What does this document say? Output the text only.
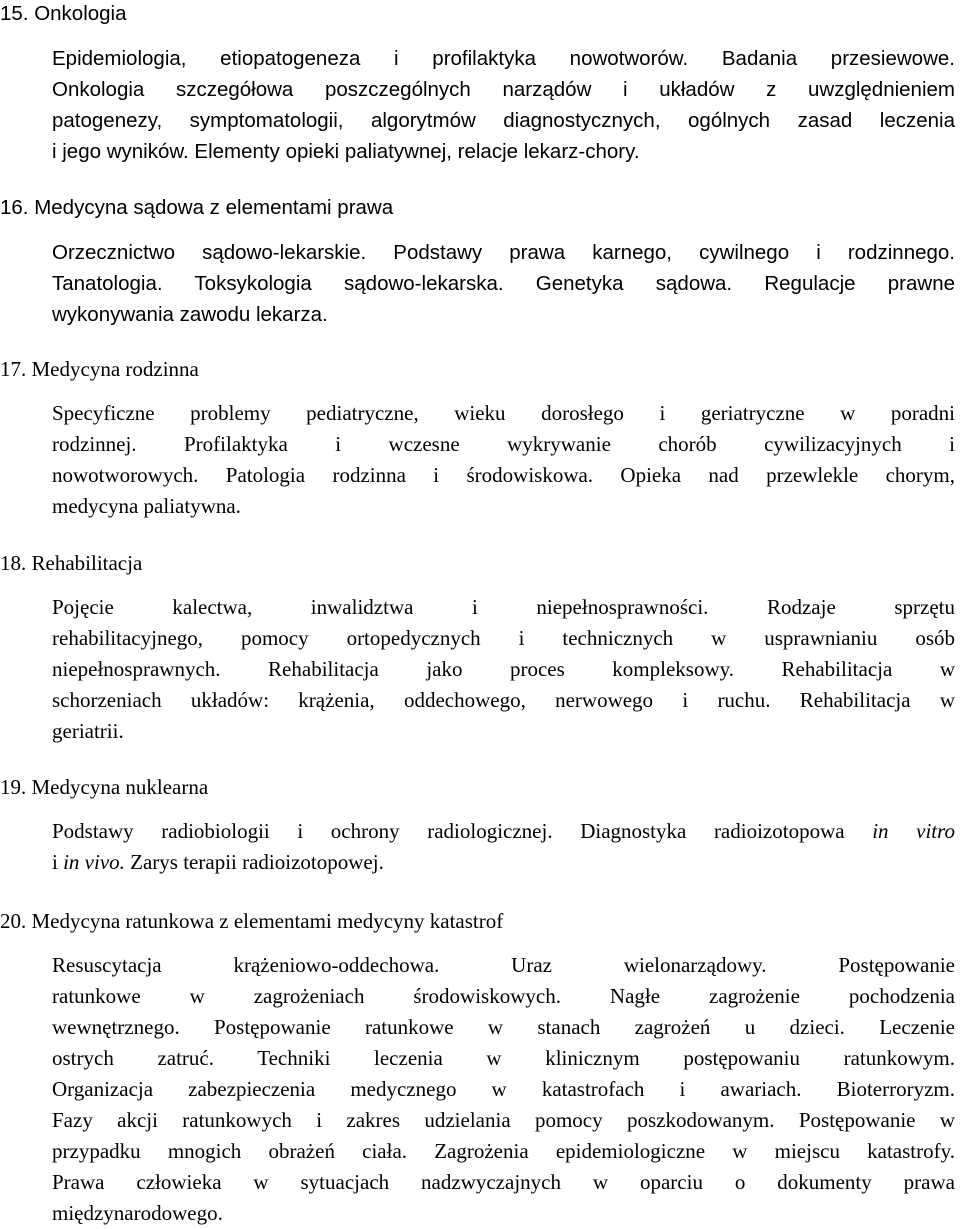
15. Onkologia
Epidemiologia, etiopatogeneza i profilaktyka nowotworów. Badania przesiewowe.
Onkologia szczegółowa poszczególnych narządów i układów z uwzględnieniem
patogenezy, symptomatologii, algorytmów diagnostycznych, ogólnych zasad leczenia
i jego wyników. Elementy opieki paliatywnej, relacje lekarz-chory.
16. Medycyna sądowa z elementami prawa
Orzecznictwo sądowo-lekarskie. Podstawy prawa karnego, cywilnego i rodzinnego.
Tanatologia. Toksykologia sądowo-lekarska. Genetyka sądowa. Regulacje prawne
wykonywania zawodu lekarza.
17. Medycyna rodzinna
Specyficzne problemy pediatryczne, wieku dorosłego i geriatryczne w poradni
rodzinnej. Profilaktyka i wczesne wykrywanie chorób cywilizacyjnych i
nowotworowych. Patologia rodzinna i środowiskowa. Opieka nad przewlekle chorym,
medycyna paliatywna.
18. Rehabilitacja
Pojęcie kalectwa, inwalidztwa i niepełnosprawności. Rodzaje sprzętu
rehabilitacyjnego, pomocy ortopedycznych i technicznych w usprawnianiu osób
niepełnosprawnych. Rehabilitacja jako proces kompleksowy. Rehabilitacja w
schorzeniach układów: krążenia, oddechowego, nerwowego i ruchu. Rehabilitacja w
geriatrii.
19. Medycyna nuklearna
Podstawy radiobiologii i ochrony radiologicznej. Diagnostyka radioizotopowa in vitro
i in vivo. Zarys terapii radioizotopowej.
20. Medycyna ratunkowa z elementami medycyny katastrof
Resuscytacja krążeniowo-oddechowa. Uraz wielonarządowy. Postępowanie
ratunkowe w zagrożeniach środowiskowych. Nagłe zagrożenie pochodzenia
wewnętrznego. Postępowanie ratunkowe w stanach zagrożeń u dzieci. Leczenie
ostrych zatruć. Techniki leczenia w klinicznym postępowaniu ratunkowym.
Organizacja zabezpieczenia medycznego w katastrofach i awariach. Bioterroryzm.
Fazy akcji ratunkowych i zakres udzielania pomocy poszkodowanym. Postępowanie w
przypadku mnogich obrażeń ciała. Zagrożenia epidemiologiczne w miejscu katastrofy.
Prawa człowieka w sytuacjach nadzwyczajnych w oparciu o dokumenty prawa
międzynarodowego.
